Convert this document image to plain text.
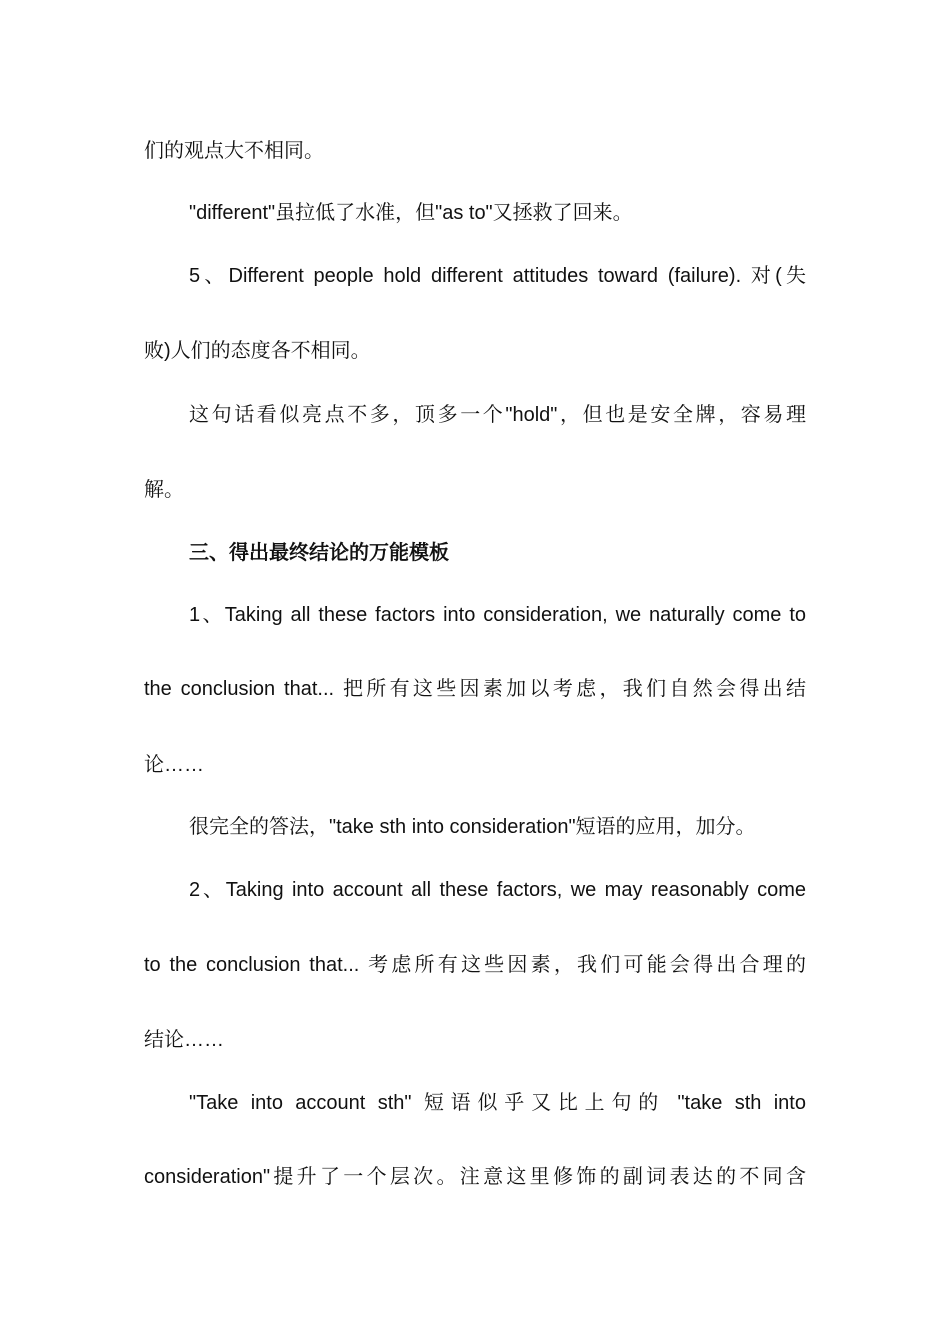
们的观点大不相同。
"different"虽拉低了水准，但"as to"又拯救了回来。
5、Different people hold different attitudes toward (failure). 对(失
败)人们的态度各不相同。
这句话看似亮点不多，顶多一个"hold"，但也是安全牌，容易理
解。
三、得出最终结论的万能模板
1、Taking all these factors into consideration, we naturally come to
the conclusion that... 把所有这些因素加以考虑，我们自然会得出结
论……
很完全的答法，"take sth into consideration"短语的应用，加分。
2、Taking into account all these factors, we may reasonably come
to the conclusion that... 考虑所有这些因素，我们可能会得出合理的
结论……
"Take into account sth" 短语似乎又比上句的 "take sth into
consideration"提升了一个层次。注意这里修饰的副词表达的不同含
